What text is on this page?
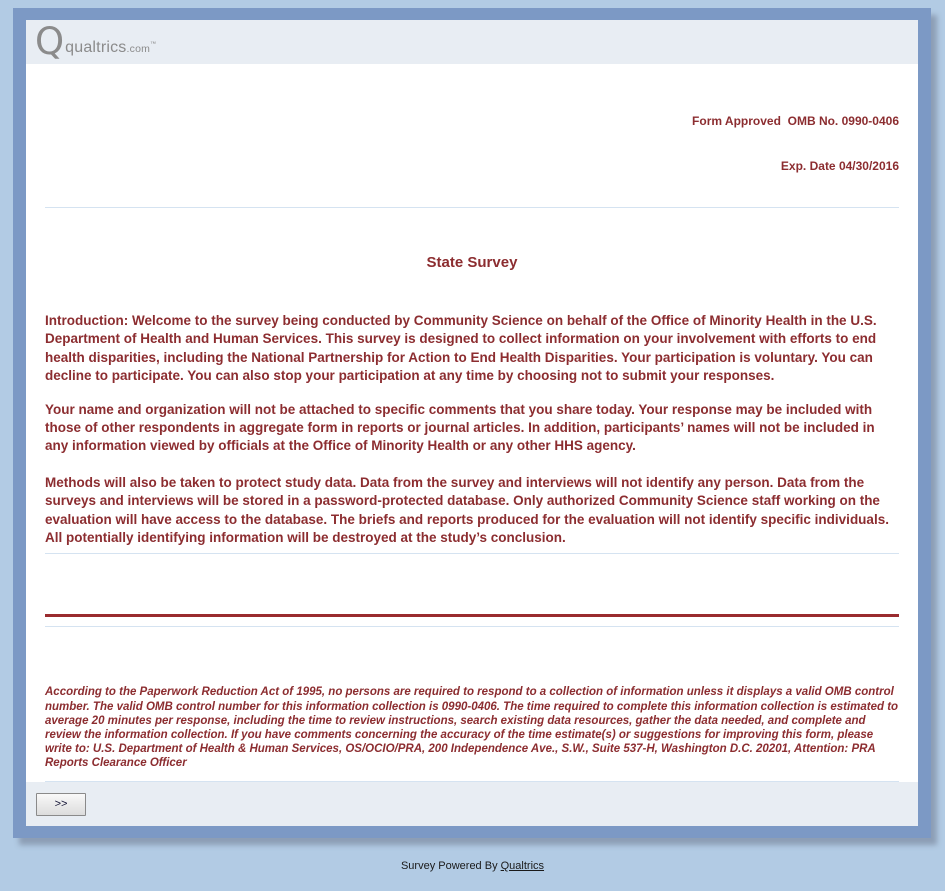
Q qualtrics.com™

Form Approved  OMB No. 0990-0406

Exp. Date 04/30/2016

State Survey

Introduction: Welcome to the survey being conducted by Community Science on behalf of the Office of Minority Health in the U.S. Department of Health and Human Services. This survey is designed to collect information on your involvement with efforts to end health disparities, including the National Partnership for Action to End Health Disparities. Your participation is voluntary. You can decline to participate. You can also stop your participation at any time by choosing not to submit your responses.

Your name and organization will not be attached to specific comments that you share today. Your response may be included with those of other respondents in aggregate form in reports or journal articles. In addition, participants’ names will not be included in any information viewed by officials at the Office of Minority Health or any other HHS agency.

Methods will also be taken to protect study data. Data from the survey and interviews will not identify any person. Data from the surveys and interviews will be stored in a password-protected database. Only authorized Community Science staff working on the evaluation will have access to the database. The briefs and reports produced for the evaluation will not identify specific individuals. All potentially identifying information will be destroyed at the study’s conclusion.

According to the Paperwork Reduction Act of 1995, no persons are required to respond to a collection of information unless it displays a valid OMB control number. The valid OMB control number for this information collection is 0990-0406. The time required to complete this information collection is estimated to average 20 minutes per response, including the time to review instructions, search existing data resources, gather the data needed, and complete and review the information collection. If you have comments concerning the accuracy of the time estimate(s) or suggestions for improving this form, please write to: U.S. Department of Health & Human Services, OS/OCIO/PRA, 200 Independence Ave., S.W., Suite 537-H, Washington D.C. 20201, Attention: PRA Reports Clearance Officer

>>
Survey Powered By Qualtrics
